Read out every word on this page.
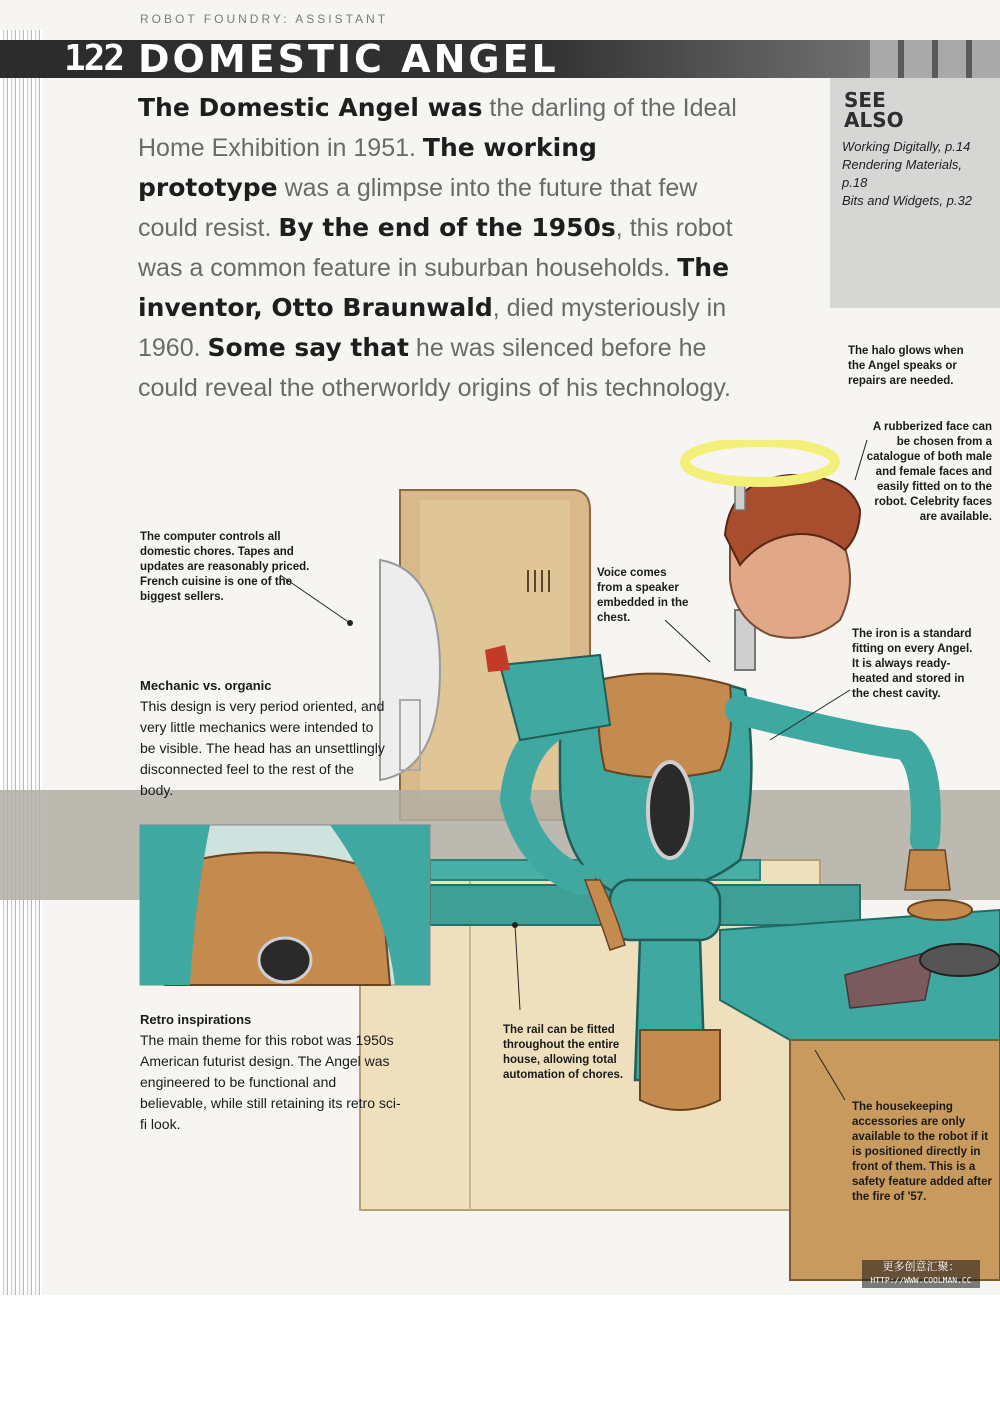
ROBOT FOUNDRY: ASSISTANT
122 DOMESTIC ANGEL
SEE
ALSO
Working Digitally, p.14
Rendering Materials, p.18
Bits and Widgets, p.32

The Domestic Angel was the darling of the Ideal Home Exhibition in 1951. The working prototype was a glimpse into the future that few could resist. By the end of the 1950s, this robot was a common feature in suburban households. The inventor, Otto Braunwald, died mysteriously in 1960. Some say that he was silenced before he could reveal the otherworldy origins of his technology.

The halo glows when the Angel speaks or repairs are needed.
A rubberized face can be chosen from a catalogue of both male and female faces and easily fitted on to the robot. Celebrity faces are available.
The computer controls all domestic chores. Tapes and updates are reasonably priced. French cuisine is one of the biggest sellers.
Voice comes from a speaker embedded in the chest.
The iron is a standard fitting on every Angel. It is always ready-heated and stored in the chest cavity.
The rail can be fitted throughout the entire house, allowing total automation of chores.
The housekeeping accessories are only available to the robot if it is positioned directly in front of them. This is a safety feature added after the fire of '57.
Mechanic vs. organic

This design is very period oriented, and very little mechanics were intended to be visible. The head has an unsettlingly disconnected feel to the rest of the body.

Retro inspirations

The main theme for this robot was 1950s American futurist design. The Angel was engineered to be functional and believable, while still retaining its retro sci-fi look.

更多创意汇聚：
HTTP://WWW.COOLMAN.CC
